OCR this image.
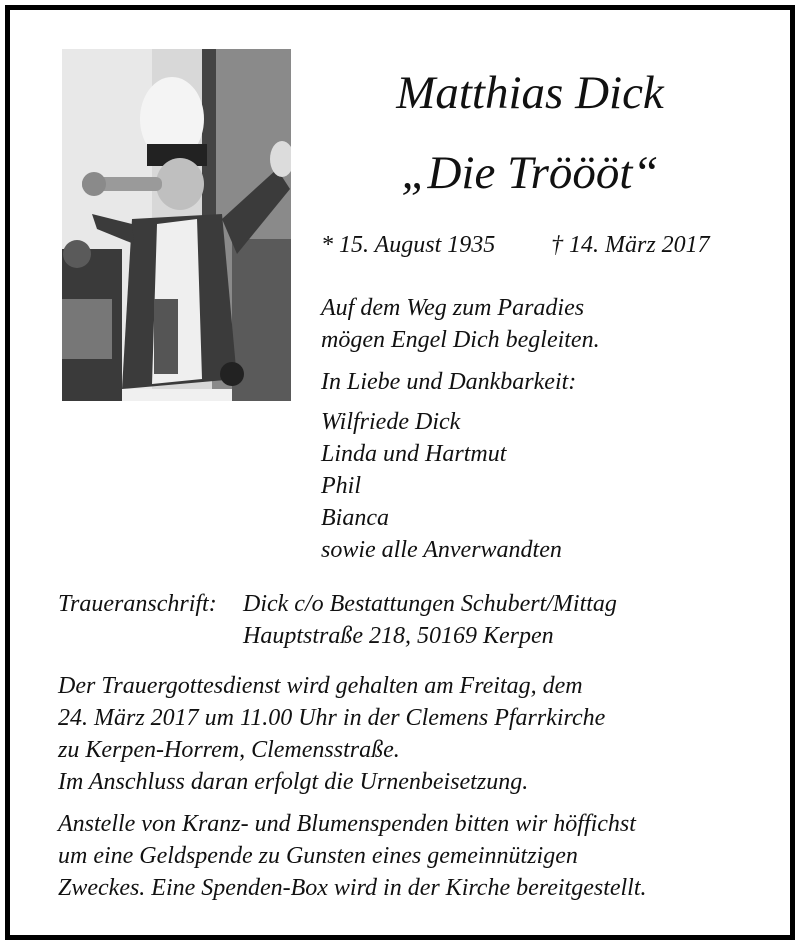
Matthias Dick
„Die Tröööt“
* 15. August 1935 † 14. März 2017
Auf dem Weg zum Paradies
mögen Engel Dich begleiten.
In Liebe und Dankbarkeit:
Wilfriede Dick
Linda und Hartmut
Phil
Bianca
sowie alle Anverwandten
Traueranschrift: Dick c/o Bestattungen Schubert/Mittag
Hauptstraße 218, 50169 Kerpen
Der Trauergottesdienst wird gehalten am Freitag, dem
24. März 2017 um 11.00 Uhr in der Clemens Pfarrkirche
zu Kerpen-Horrem, Clemensstraße.
Im Anschluss daran erfolgt die Urnenbeisetzung.
Anstelle von Kranz- und Blumenspenden bitten wir höffichst
um eine Geldspende zu Gunsten eines gemeinnützigen
Zweckes. Eine Spenden-Box wird in der Kirche bereitgestellt.
